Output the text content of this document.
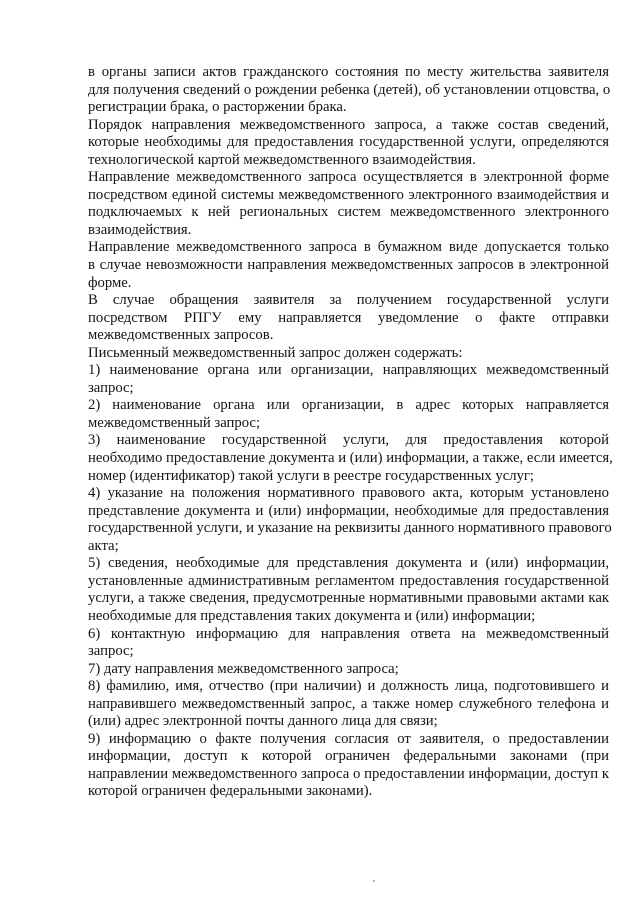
в органы записи актов гражданского состояния по месту жительства заявителя
для получения сведений о рождении ребенка (детей), об установлении отцовства, о
регистрации брака, о расторжении брака.

Порядок направления межведомственного запроса, а также состав сведений,
которые необходимы для предоставления государственной услуги, определяются
технологической картой межведомственного взаимодействия.

Направление межведомственного запроса осуществляется в электронной форме
посредством единой системы межведомственного электронного взаимодействия и
подключаемых к ней региональных систем межведомственного электронного
взаимодействия.

Направление межведомственного запроса в бумажном виде допускается только
в случае невозможности направления межведомственных запросов в электронной
форме.

В случае обращения заявителя за получением государственной услуги
посредством РПГУ ему направляется уведомление о факте отправки
межведомственных запросов.

Письменный межведомственный запрос должен содержать:

1) наименование органа или организации, направляющих межведомственный
запрос;

2) наименование органа или организации, в адрес которых направляется
межведомственный запрос;

3) наименование государственной услуги, для предоставления которой
необходимо предоставление документа и (или) информации, а также, если имеется,
номер (идентификатор) такой услуги в реестре государственных услуг;

4) указание на положения нормативного правового акта, которым установлено
представление документа и (или) информации, необходимые для предоставления
государственной услуги, и указание на реквизиты данного нормативного правового
акта;

5) сведения, необходимые для представления документа и (или) информации,
установленные административным регламентом предоставления государственной
услуги, а также сведения, предусмотренные нормативными правовыми актами как
необходимые для представления таких документа и (или) информации;

6) контактную информацию для направления ответа на межведомственный
запрос;

7) дату направления межведомственного запроса;

8) фамилию, имя, отчество (при наличии) и должность лица, подготовившего и
направившего межведомственный запрос, а также номер служебного телефона и
(или) адрес электронной почты данного лица для связи;

9) информацию о факте получения согласия от заявителя, о предоставлении
информации, доступ к которой ограничен федеральными законами (при
направлении межведомственного запроса о предоставлении информации, доступ к
которой ограничен федеральными законами).
